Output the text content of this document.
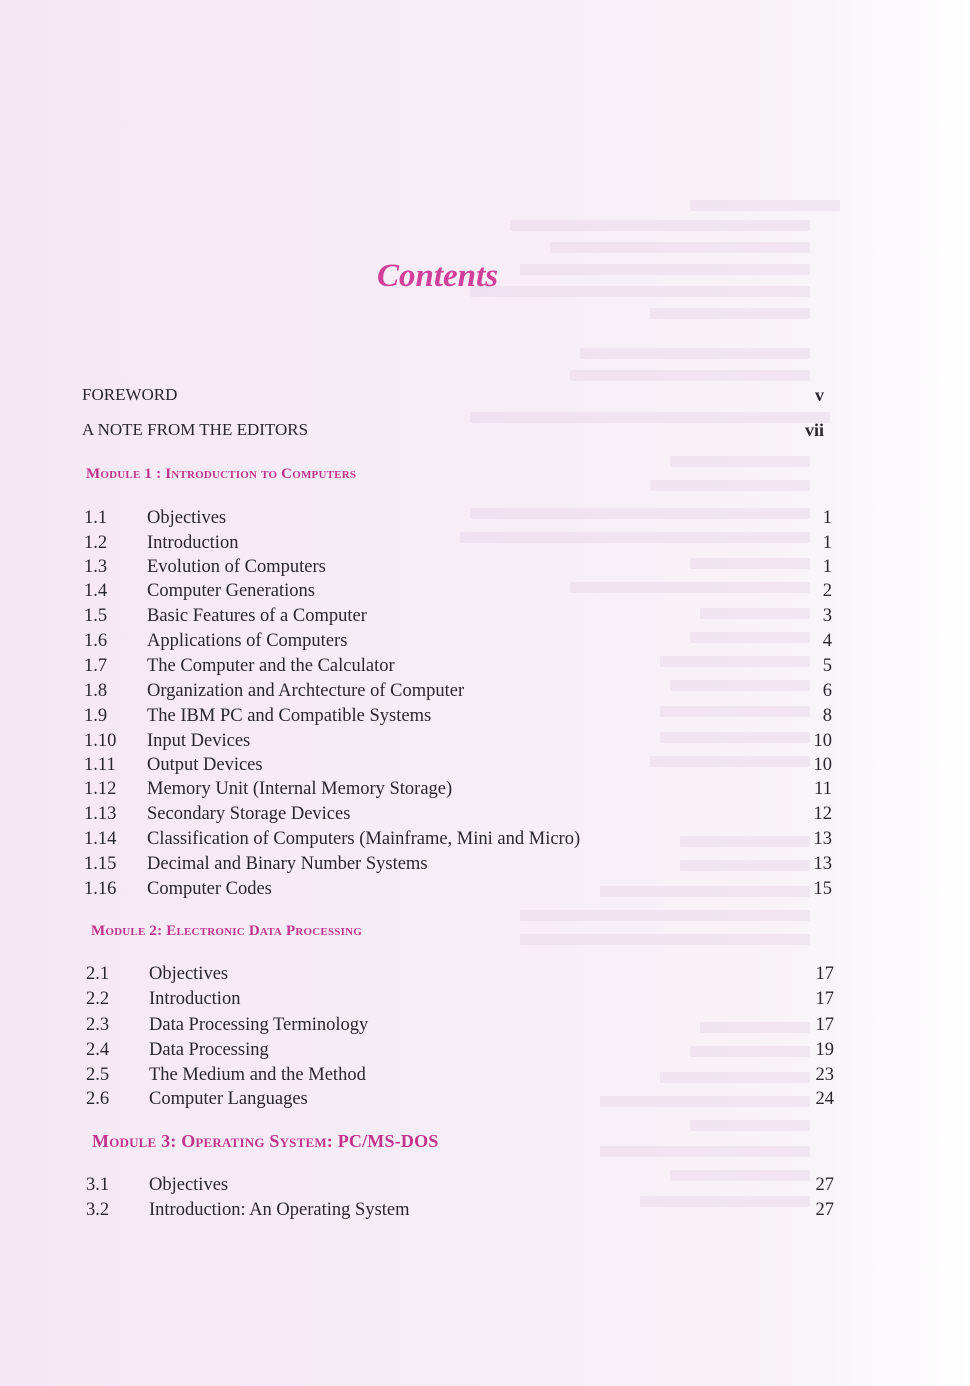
Contents
FOREWORD	v
A NOTE FROM THE EDITORS	vii
Module 1 : Introduction to Computers
1.1 Objectives	1
1.2 Introduction	1
1.3 Evolution of Computers	1
1.4 Computer Generations	2
1.5 Basic Features of a Computer	3
1.6 Applications of Computers	4
1.7 The Computer and the Calculator	5
1.8 Organization and Archtecture of Computer	6
1.9 The IBM PC and Compatible Systems	8
1.10 Input Devices	10
1.11 Output Devices	10
1.12 Memory Unit (Internal Memory Storage)	11
1.13 Secondary Storage Devices	12
1.14 Classification of Computers (Mainframe, Mini and Micro)	13
1.15 Decimal and Binary Number Systems	13
1.16 Computer Codes	15
Module 2: Electronic Data Processing
2.1 Objectives	17
2.2 Introduction	17
2.3 Data Processing Terminology	17
2.4 Data Processing	19
2.5 The Medium and the Method	23
2.6 Computer Languages	24
Module 3: Operating System: PC/MS-DOS
3.1 Objectives	27
3.2 Introduction: An Operating System	27
